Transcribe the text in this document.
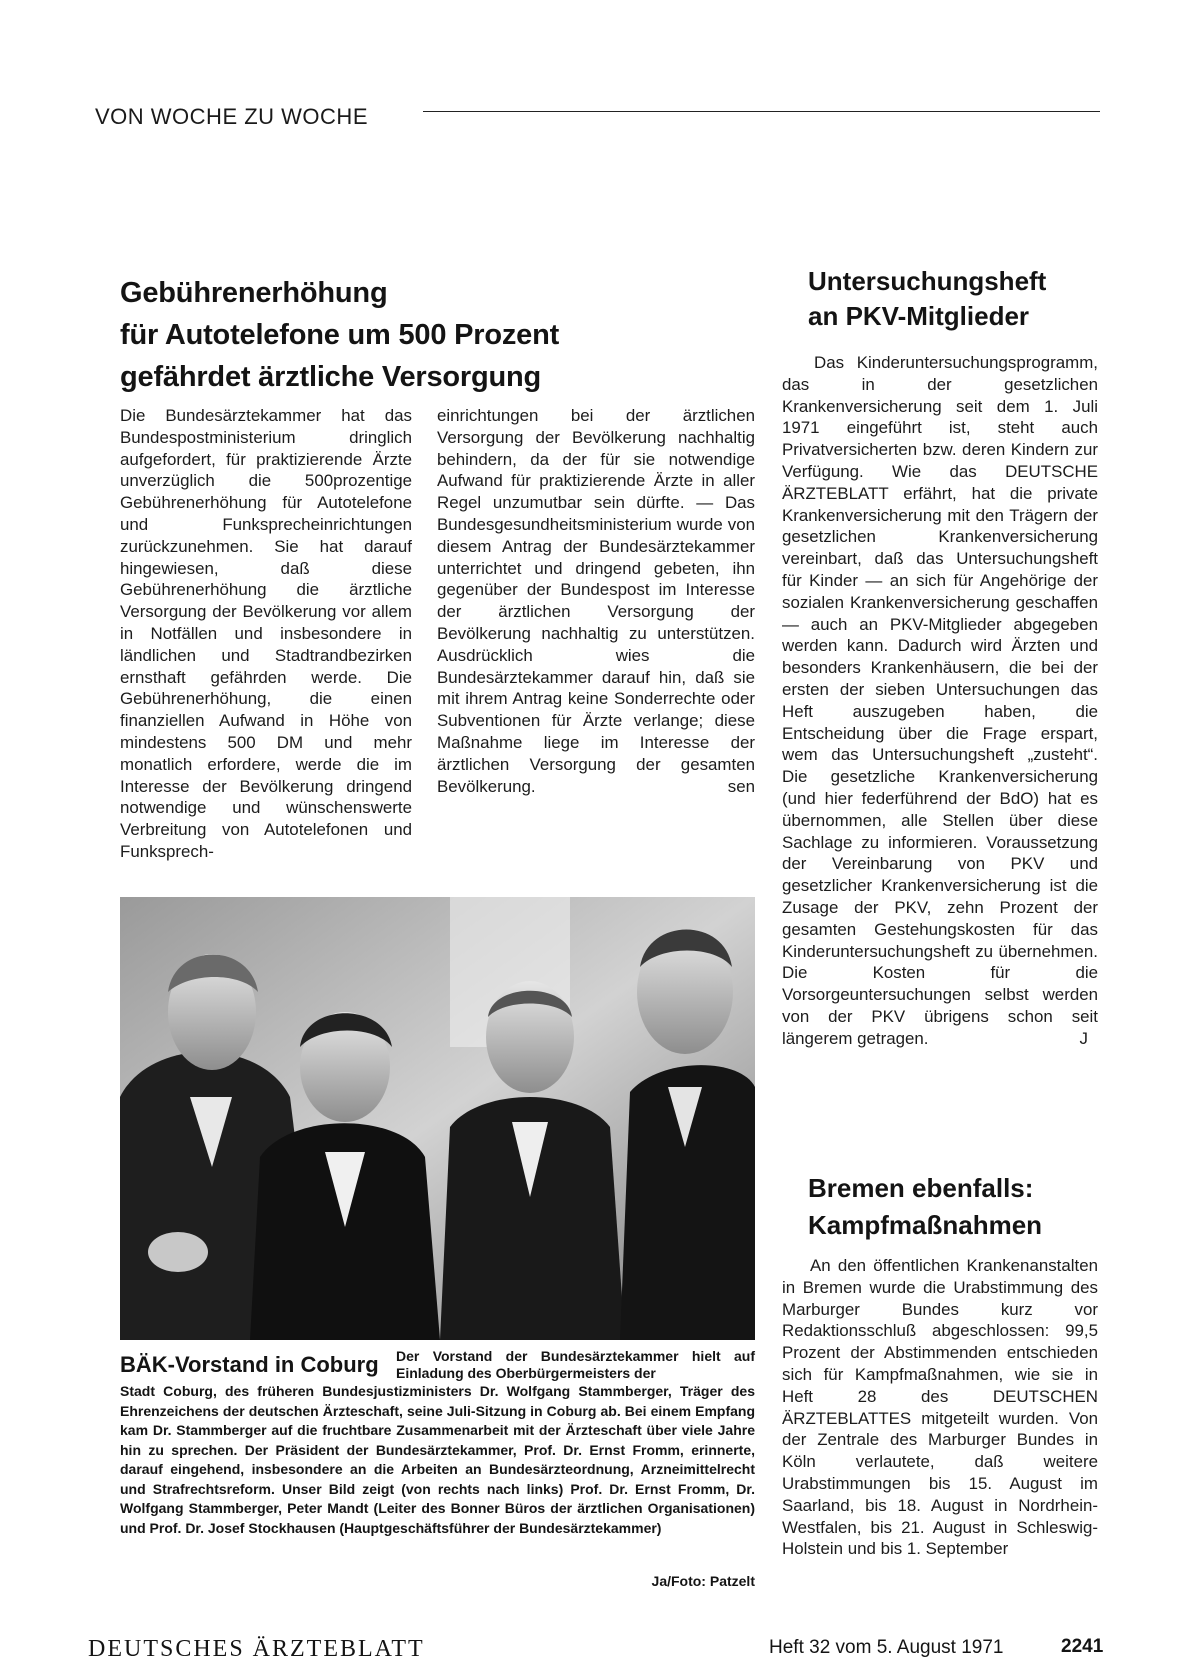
VON WOCHE ZU WOCHE
Gebührenerhöhung
für Autotelefone um 500 Prozent
gefährdet ärztliche Versorgung
Die Bundesärztekammer hat das Bundespostministerium dringlich aufgefordert, für praktizierende Ärzte unverzüglich die 500prozentige Gebührenerhöhung für Autotelefone und Funksprecheinrichtungen zurückzunehmen. Sie hat darauf hingewiesen, daß diese Gebührenerhöhung die ärztliche Versorgung der Bevölkerung vor allem in Notfällen und insbesondere in ländlichen und Stadtrandbezirken ernsthaft gefährden werde. Die Gebührenerhöhung, die einen finanziellen Aufwand in Höhe von mindestens 500 DM und mehr monatlich erfordere, werde die im Interesse der Bevölkerung dringend notwendige und wünschenswerte Verbreitung von Autotelefonen und Funksprech-
einrichtungen bei der ärztlichen Versorgung der Bevölkerung nachhaltig behindern, da der für sie notwendige Aufwand für praktizierende Ärzte in aller Regel unzumutbar sein dürfte. — Das Bundesgesundheitsministerium wurde von diesem Antrag der Bundesärztekammer unterrichtet und dringend gebeten, ihn gegenüber der Bundespost im Interesse der ärztlichen Versorgung der Bevölkerung nachhaltig zu unterstützen. Ausdrücklich wies die Bundesärztekammer darauf hin, daß sie mit ihrem Antrag keine Sonderrechte oder Subventionen für Ärzte verlange; diese Maßnahme liege im Interesse der ärztlichen Versorgung der gesamten Bevölkerung.	sen
BÄK-Vorstand in Coburg Der Vorstand der Bundesärztekammer hielt auf Einladung des Oberbürgermeisters der
Stadt Coburg, des früheren Bundesjustizministers Dr. Wolfgang Stammberger, Träger des Ehrenzeichens der deutschen Ärzteschaft, seine Juli-Sitzung in Coburg ab. Bei einem Empfang kam Dr. Stammberger auf die fruchtbare Zusammenarbeit mit der Ärzteschaft über viele Jahre hin zu sprechen. Der Präsident der Bundesärztekammer, Prof. Dr. Ernst Fromm, erinnerte, darauf eingehend, insbesondere an die Arbeiten an Bundesärzteordnung, Arzneimittelrecht und Strafrechtsreform. Unser Bild zeigt (von rechts nach links) Prof. Dr. Ernst Fromm, Dr. Wolfgang Stammberger, Peter Mandt (Leiter des Bonner Büros der ärztlichen Organisationen) und Prof. Dr. Josef Stockhausen (Hauptgeschäftsführer der Bundesärztekammer)
Ja/Foto: Patzelt
Untersuchungsheft
an PKV-Mitglieder
Das Kinderuntersuchungsprogramm, das in der gesetzlichen Krankenversicherung seit dem 1. Juli 1971 eingeführt ist, steht auch Privatversicherten bzw. deren Kindern zur Verfügung. Wie das DEUTSCHE ÄRZTEBLATT erfährt, hat die private Krankenversicherung mit den Trägern der gesetzlichen Krankenversicherung vereinbart, daß das Untersuchungsheft für Kinder — an sich für Angehörige der sozialen Krankenversicherung geschaffen — auch an PKV-Mitglieder abgegeben werden kann. Dadurch wird Ärzten und besonders Krankenhäusern, die bei der ersten der sieben Untersuchungen das Heft auszugeben haben, die Entscheidung über die Frage erspart, wem das Untersuchungsheft „zusteht“. Die gesetzliche Krankenversicherung (und hier federführend der BdO) hat es übernommen, alle Stellen über diese Sachlage zu informieren. Voraussetzung der Vereinbarung von PKV und gesetzlicher Krankenversicherung ist die Zusage der PKV, zehn Prozent der gesamten Gestehungskosten für das Kinderuntersuchungsheft zu übernehmen. Die Kosten für die Vorsorgeuntersuchungen selbst werden von der PKV übrigens schon seit längerem getragen.	J
Bremen ebenfalls:
Kampfmaßnahmen
An den öffentlichen Krankenanstalten in Bremen wurde die Urabstimmung des Marburger Bundes kurz vor Redaktionsschluß abgeschlossen: 99,5 Prozent der Abstimmenden entschieden sich für Kampfmaßnahmen, wie sie in Heft 28 des DEUTSCHEN ÄRZTEBLATTES mitgeteilt wurden. Von der Zentrale des Marburger Bundes in Köln verlautete, daß weitere Urabstimmungen bis 15. August im Saarland, bis 18. August in Nordrhein-Westfalen, bis 21. August in Schleswig-Holstein und bis 1. September
DEUTSCHES ÄRZTEBLATT	Heft 32 vom 5. August 1971	2241
